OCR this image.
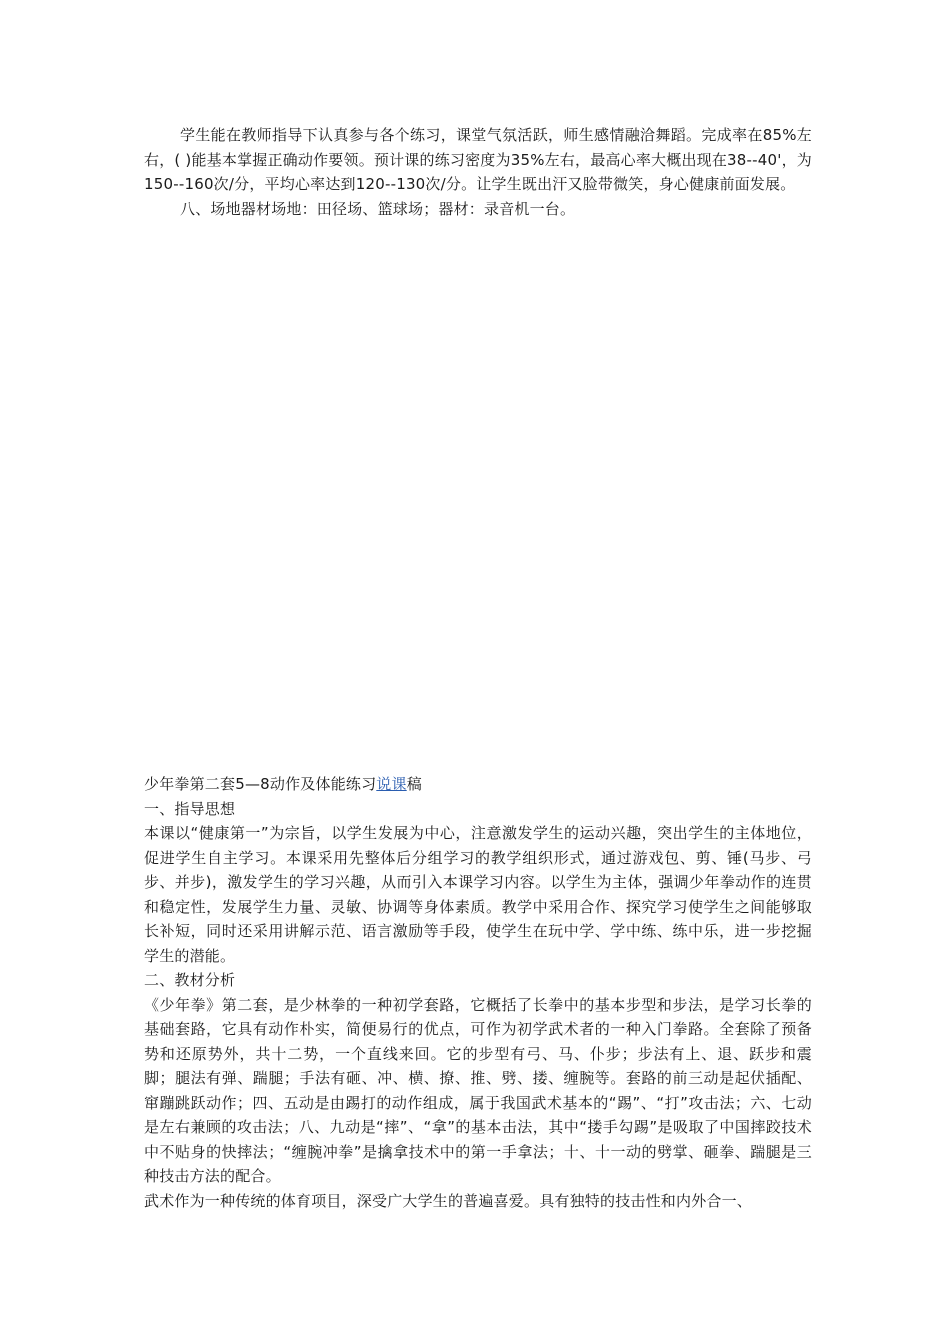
学生能在教师指导下认真参与各个练习，课堂气氛活跃，师生感情融洽舞蹈。完成率在85%左右，( )能基本掌握正确动作要领。预计课的练习密度为35%左右，最高心率大概出现在38--40'，为150--160次/分，平均心率达到120--130次/分。让学生既出汗又脸带微笑，身心健康前面发展。

八、场地器材场地：田径场、篮球场；器材：录音机一台。

少年拳第二套5—8动作及体能练习说课稿

一、指导思想

本课以“健康第一”为宗旨，以学生发展为中心，注意激发学生的运动兴趣，突出学生的主体地位，促进学生自主学习。本课采用先整体后分组学习的教学组织形式，通过游戏包、剪、锤(马步、弓步、并步)，激发学生的学习兴趣，从而引入本课学习内容。以学生为主体，强调少年拳动作的连贯和稳定性，发展学生力量、灵敏、协调等身体素质。教学中采用合作、探究学习使学生之间能够取长补短，同时还采用讲解示范、语言激励等手段，使学生在玩中学、学中练、练中乐，进一步挖掘学生的潜能。

二、教材分析

《少年拳》第二套，是少林拳的一种初学套路，它概括了长拳中的基本步型和步法，是学习长拳的基础套路，它具有动作朴实，简便易行的优点，可作为初学武术者的一种入门拳路。全套除了预备势和还原势外，共十二势，一个直线来回。它的步型有弓、马、仆步；步法有上、退、跃步和震脚；腿法有弹、踹腿；手法有砸、冲、横、撩、推、劈、搂、缠腕等。套路的前三动是起伏插配、窜蹦跳跃动作；四、五动是由踢打的动作组成，属于我国武术基本的“踢”、“打”攻击法；六、七动是左右兼顾的攻击法；八、九动是“摔”、“拿”的基本击法，其中“搂手勾踢”是吸取了中国摔跤技术中不贴身的快摔法；“缠腕冲拳”是擒拿技术中的第一手拿法；十、十一动的劈掌、砸拳、踹腿是三种技击方法的配合。

武术作为一种传统的体育项目，深受广大学生的普遍喜爱。具有独特的技击性和内外合一、
